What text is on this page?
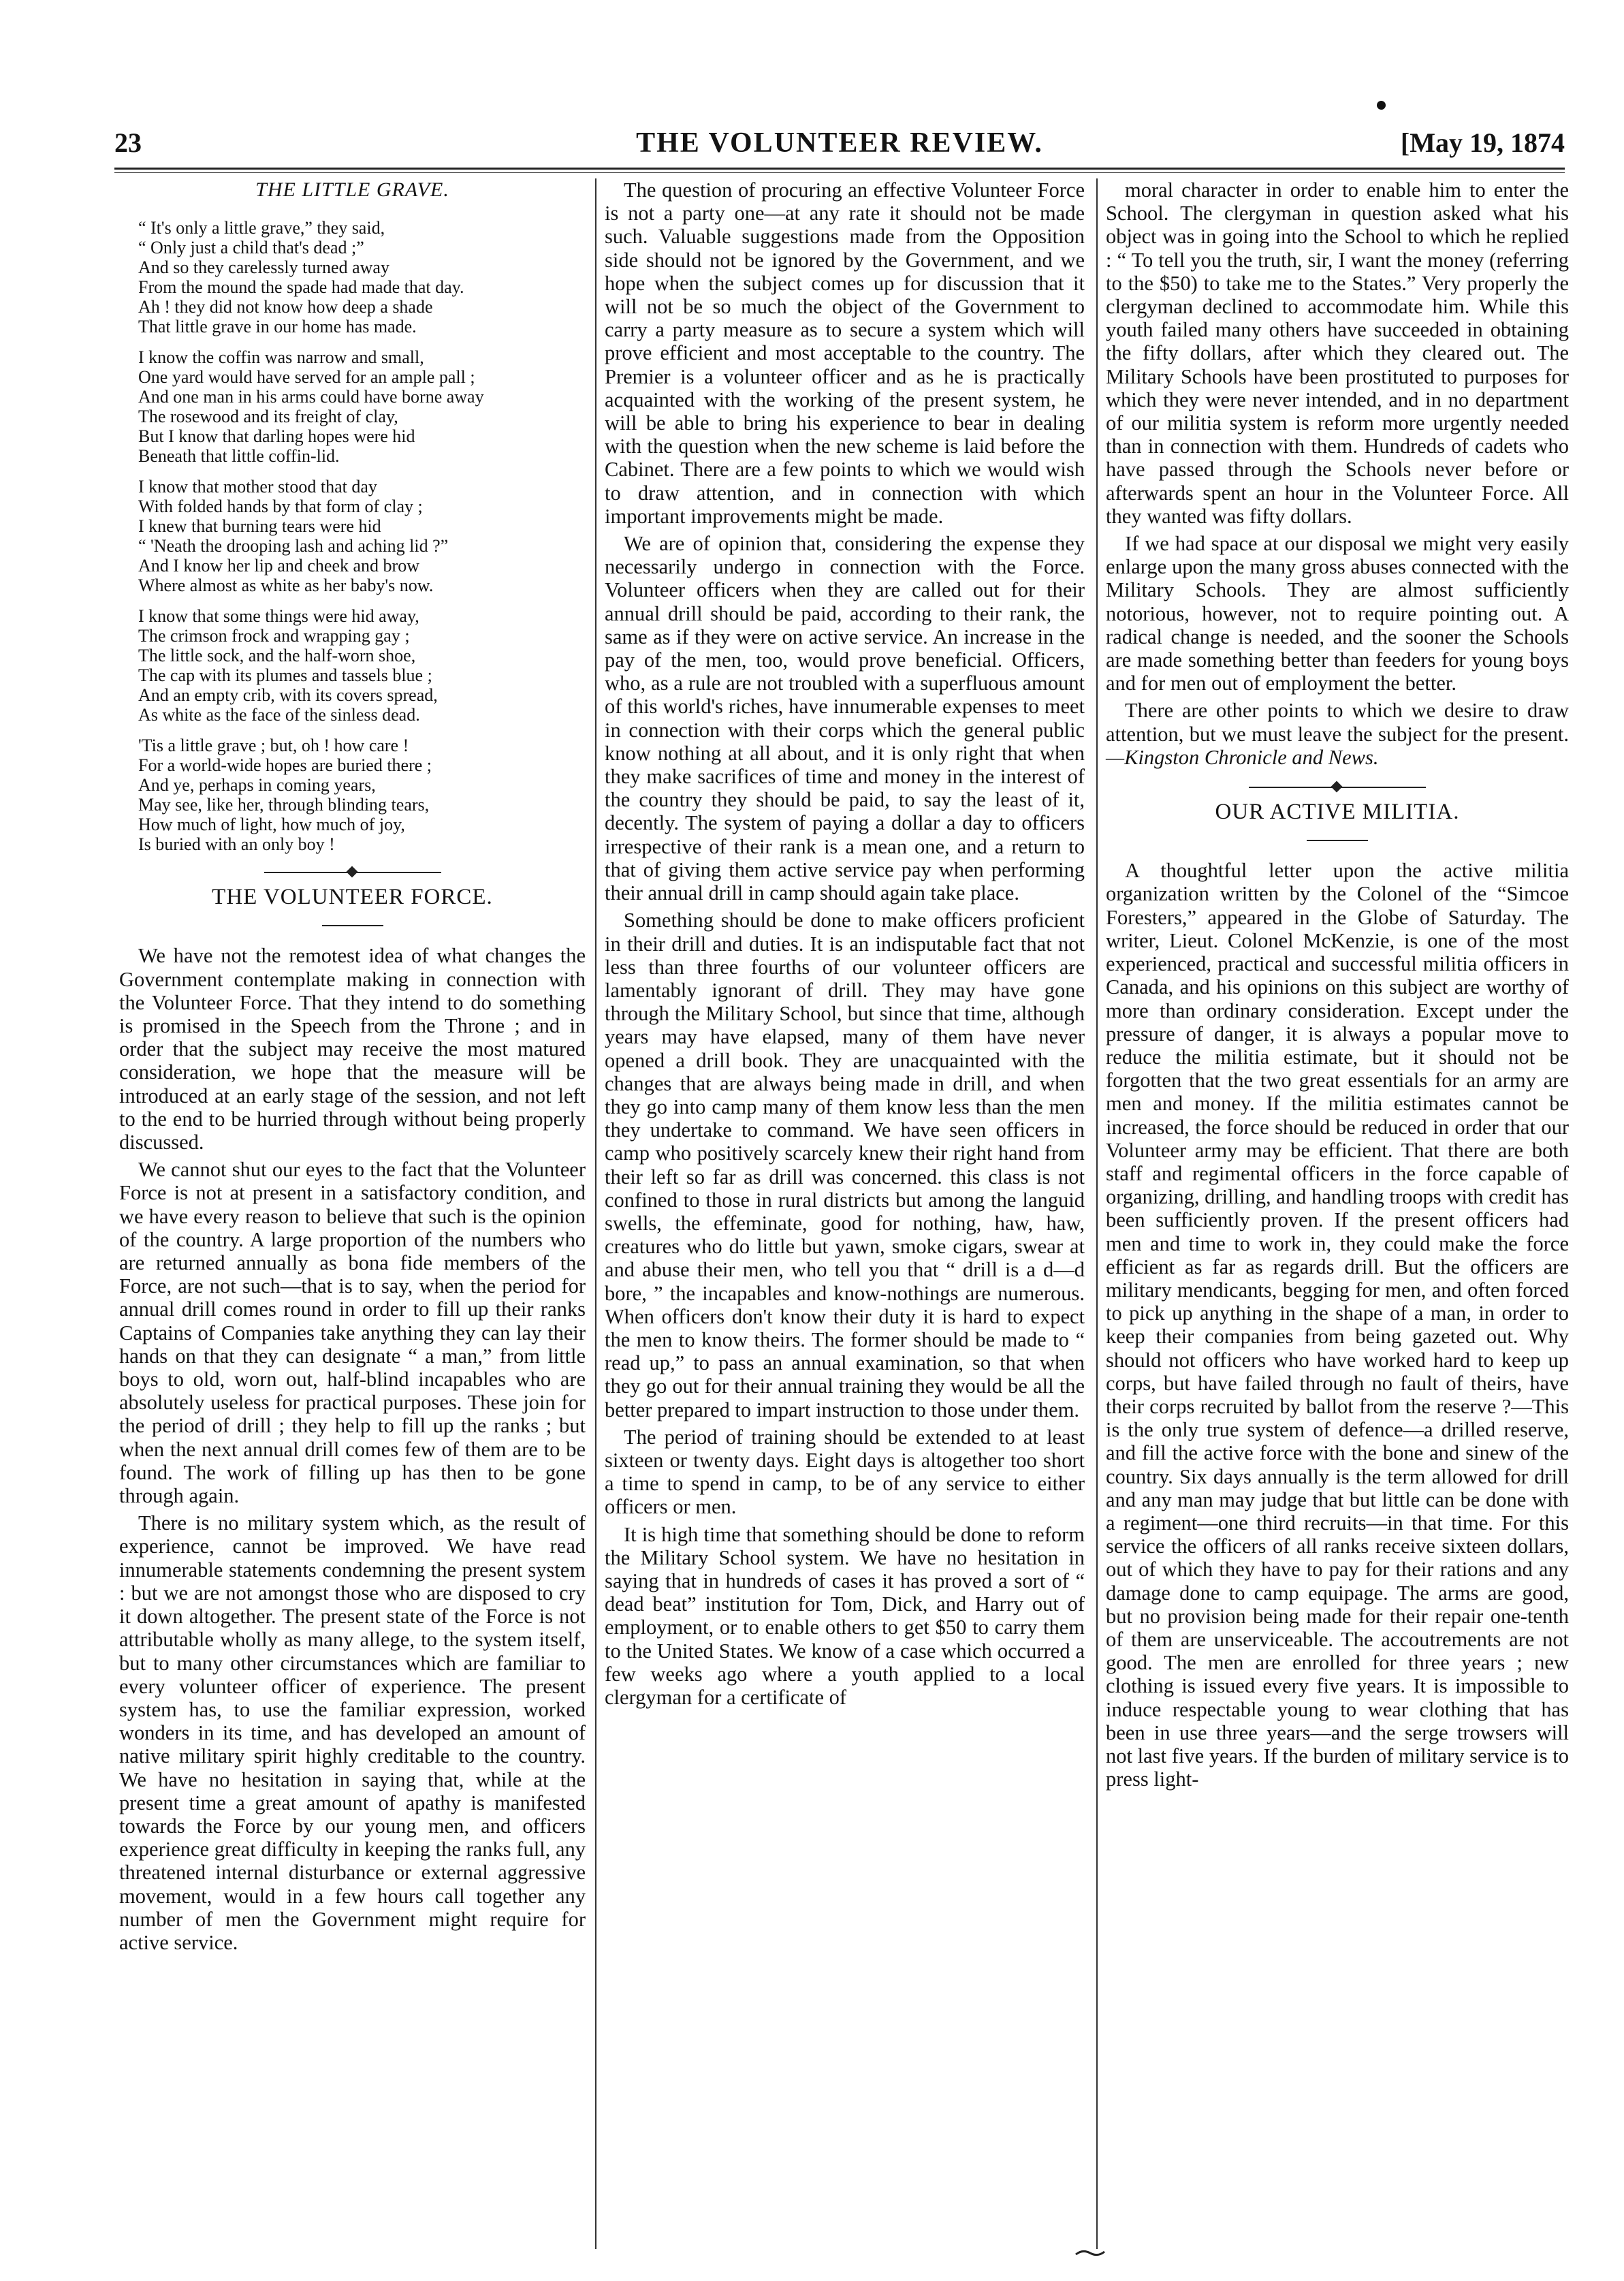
23	THE VOLUNTEER REVIEW.	[May 19, 1874
THE LITTLE GRAVE.
“ It's only a little grave,” they said,
“ Only just a child that's dead ;”
And so they carelessly turned away
From the mound the spade had made that day.
Ah ! they did not know how deep a shade
That little grave in our home has made.
I know the coffin was narrow and small,
One yard would have served for an ample pall ;
And one man in his arms could have borne away
The rosewood and its freight of clay,
But I know that darling hopes were hid
Beneath that little coffin-lid.
I know that mother stood that day
With folded hands by that form of clay ;
I knew that burning tears were hid
“ 'Neath the drooping lash and aching lid ?”
And I know her lip and cheek and brow
Where almost as white as her baby's now.
I know that some things were hid away,
The crimson frock and wrapping gay ;
The little sock, and the half-worn shoe,
The cap with its plumes and tassels blue ;
And an empty crib, with its covers spread,
As white as the face of the sinless dead.
'Tis a little grave ; but, oh ! how care !
For a world-wide hopes are buried there ;
And ye, perhaps in coming years,
May see, like her, through blinding tears,
How much of light, how much of joy,
Is buried with an only boy !
THE VOLUNTEER FORCE.

We have not the remotest idea of what changes the Government contemplate making in connection with the Volunteer Force. That they intend to do something is promised in the Speech from the Throne ; and in order that the subject may receive the most matured consideration, we hope that the measure will be introduced at an early stage of the session, and not left to the end to be hurried through without being properly discussed.

We cannot shut our eyes to the fact that the Volunteer Force is not at present in a satisfactory condition, and we have every reason to believe that such is the opinion of the country. A large proportion of the numbers who are returned annually as bona fide members of the Force, are not such—that is to say, when the period for annual drill comes round in order to fill up their ranks Captains of Companies take anything they can lay their hands on that they can designate “ a man,” from little boys to old, worn out, half-blind incapables who are absolutely useless for practical purposes. These join for the period of drill ; they help to fill up the ranks ; but when the next annual drill comes few of them are to be found. The work of filling up has then to be gone through again.

There is no military system which, as the result of experience, cannot be improved. We have read innumerable statements condemning the present system : but we are not amongst those who are disposed to cry it down altogether. The present state of the Force is not attributable wholly as many allege, to the system itself, but to many other circumstances which are familiar to every volunteer officer of experience. The present system has, to use the familiar expression, worked wonders in its time, and has developed an amount of native military spirit highly creditable to the country. We have no hesitation in saying that, while at the present time a great amount of apathy is manifested towards the Force by our young men, and officers experience great difficulty in keeping the ranks full, any threatened internal disturbance or external aggressive movement, would in a few hours call together any number of men the Government might require for active service.

The question of procuring an effective Volunteer Force is not a party one—at any rate it should not be made such. Valuable suggestions made from the Opposition side should not be ignored by the Government, and we hope when the subject comes up for discussion that it will not be so much the object of the Government to carry a party measure as to secure a system which will prove efficient and most acceptable to the country. The Premier is a volunteer officer and as he is practically acquainted with the working of the present system, he will be able to bring his experience to bear in dealing with the question when the new scheme is laid before the Cabinet. There are a few points to which we would wish to draw attention, and in connection with which important improvements might be made.

We are of opinion that, considering the expense they necessarily undergo in connection with the Force. Volunteer officers when they are called out for their annual drill should be paid, according to their rank, the same as if they were on active service. An increase in the pay of the men, too, would prove beneficial. Officers, who, as a rule are not troubled with a superfluous amount of this world's riches, have innumerable expenses to meet in connection with their corps which the general public know nothing at all about, and it is only right that when they make sacrifices of time and money in the interest of the country they should be paid, to say the least of it, decently. The system of paying a dollar a day to officers irrespective of their rank is a mean one, and a return to that of giving them active service pay when performing their annual drill in camp should again take place.

Something should be done to make officers proficient in their drill and duties. It is an indisputable fact that not less than three fourths of our volunteer officers are lamentably ignorant of drill. They may have gone through the Military School, but since that time, although years may have elapsed, many of them have never opened a drill book. They are unacquainted with the changes that are always being made in drill, and when they go into camp many of them know less than the men they undertake to command. We have seen officers in camp who positively scarcely knew their right hand from their left so far as drill was concerned. this class is not confined to those in rural districts but among the languid swells, the effeminate, good for nothing, haw, haw, creatures who do little but yawn, smoke cigars, swear at and abuse their men, who tell you that “ drill is a d—d bore, ” the incapables and know-nothings are numerous. When officers don't know their duty it is hard to expect the men to know theirs. The former should be made to “ read up,” to pass an annual examination, so that when they go out for their annual training they would be all the better prepared to impart instruction to those under them.

The period of training should be extended to at least sixteen or twenty days. Eight days is altogether too short a time to spend in camp, to be of any service to either officers or men.

It is high time that something should be done to reform the Military School system. We have no hesitation in saying that in hundreds of cases it has proved a sort of “ dead beat” institution for Tom, Dick, and Harry out of employment, or to enable others to get $50 to carry them to the United States. We know of a case which occurred a few weeks ago where a youth applied to a local clergyman for a certificate of

moral character in order to enable him to enter the School. The clergyman in question asked what his object was in going into the School to which he replied : “ To tell you the truth, sir, I want the money (referring to the $50) to take me to the States.” Very properly the clergyman declined to accommodate him. While this youth failed many others have succeeded in obtaining the fifty dollars, after which they cleared out. The Military Schools have been prostituted to purposes for which they were never intended, and in no department of our militia system is reform more urgently needed than in connection with them. Hundreds of cadets who have passed through the Schools never before or afterwards spent an hour in the Volunteer Force. All they wanted was fifty dollars.

If we had space at our disposal we might very easily enlarge upon the many gross abuses connected with the Military Schools. They are almost sufficiently notorious, however, not to require pointing out. A radical change is needed, and the sooner the Schools are made something better than feeders for young boys and for men out of employment the better.

There are other points to which we desire to draw attention, but we must leave the subject for the present.—Kingston Chronicle and News.

OUR ACTIVE MILITIA.

A thoughtful letter upon the active militia organization written by the Colonel of the “Simcoe Foresters,” appeared in the Globe of Saturday. The writer, Lieut. Colonel McKenzie, is one of the most experienced, practical and successful militia officers in Canada, and his opinions on this subject are worthy of more than ordinary consideration. Except under the pressure of danger, it is always a popular move to reduce the militia estimate, but it should not be forgotten that the two great essentials for an army are men and money. If the militia estimates cannot be increased, the force should be reduced in order that our Volunteer army may be efficient. That there are both staff and regimental officers in the force capable of organizing, drilling, and handling troops with credit has been sufficiently proven. If the present officers had men and time to work in, they could make the force efficient as far as regards drill. But the officers are military mendicants, begging for men, and often forced to pick up anything in the shape of a man, in order to keep their companies from being gazeted out. Why should not officers who have worked hard to keep up corps, but have failed through no fault of theirs, have their corps recruited by ballot from the reserve ?—This is the only true system of defence—a drilled reserve, and fill the active force with the bone and sinew of the country. Six days annually is the term allowed for drill and any man may judge that but little can be done with a regiment—one third recruits—in that time. For this service the officers of all ranks receive sixteen dollars, out of which they have to pay for their rations and any damage done to camp equipage. The arms are good, but no provision being made for their repair one-tenth of them are unserviceable. The accoutrements are not good. The men are enrolled for three years ; new clothing is issued every five years. It is impossible to induce respectable young to wear clothing that has been in use three years—and the serge trowsers will not last five years. If the burden of military service is to press light-
